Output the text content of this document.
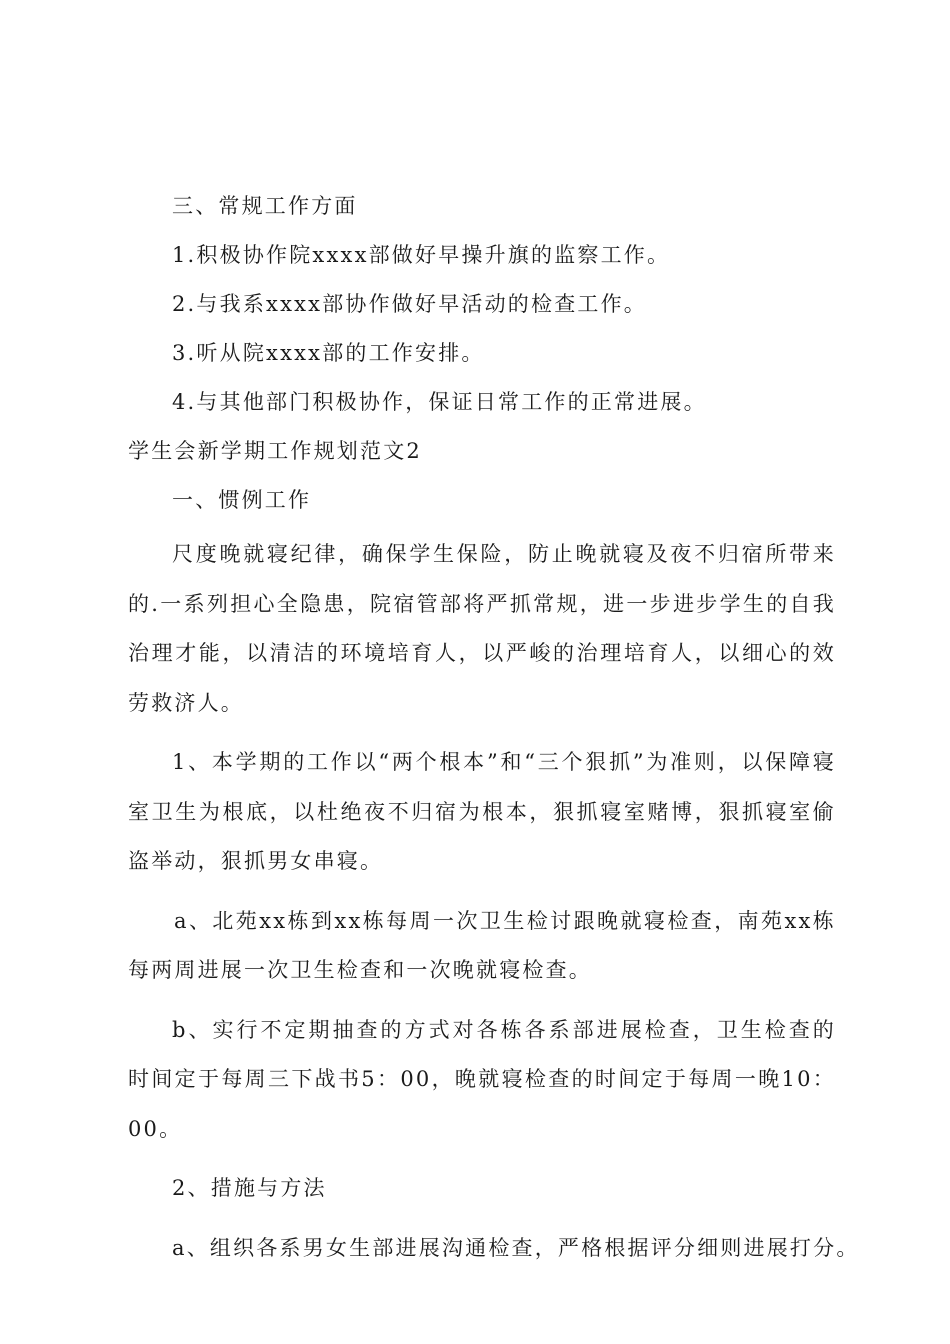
三、常规工作方面

1.积极协作院xxxx部做好早操升旗的监察工作。

2.与我系xxxx部协作做好早活动的检查工作。

3.听从院xxxx部的工作安排。

4.与其他部门积极协作，保证日常工作的正常进展。

学生会新学期工作规划范文2

一、惯例工作

尺度晚就寝纪律，确保学生保险，防止晚就寝及夜不归宿所带来的.一系列担心全隐患，院宿管部将严抓常规，进一步进步学生的自我治理才能，以清洁的环境培育人，以严峻的治理培育人，以细心的效劳救济人。

1、本学期的工作以“两个根本”和“三个狠抓”为准则，以保障寝室卫生为根底，以杜绝夜不归宿为根本，狠抓寝室赌博，狠抓寝室偷盗举动，狠抓男女串寝。

a、北苑xx栋到xx栋每周一次卫生检讨跟晚就寝检查，南苑xx栋每两周进展一次卫生检查和一次晚就寝检查。

b、实行不定期抽查的方式对各栋各系部进展检查，卫生检查的时间定于每周三下战书5：00，晚就寝检查的时间定于每周一晚10：00。

2、措施与方法

a、组织各系男女生部进展沟通检查，严格根据评分细则进展打分。
